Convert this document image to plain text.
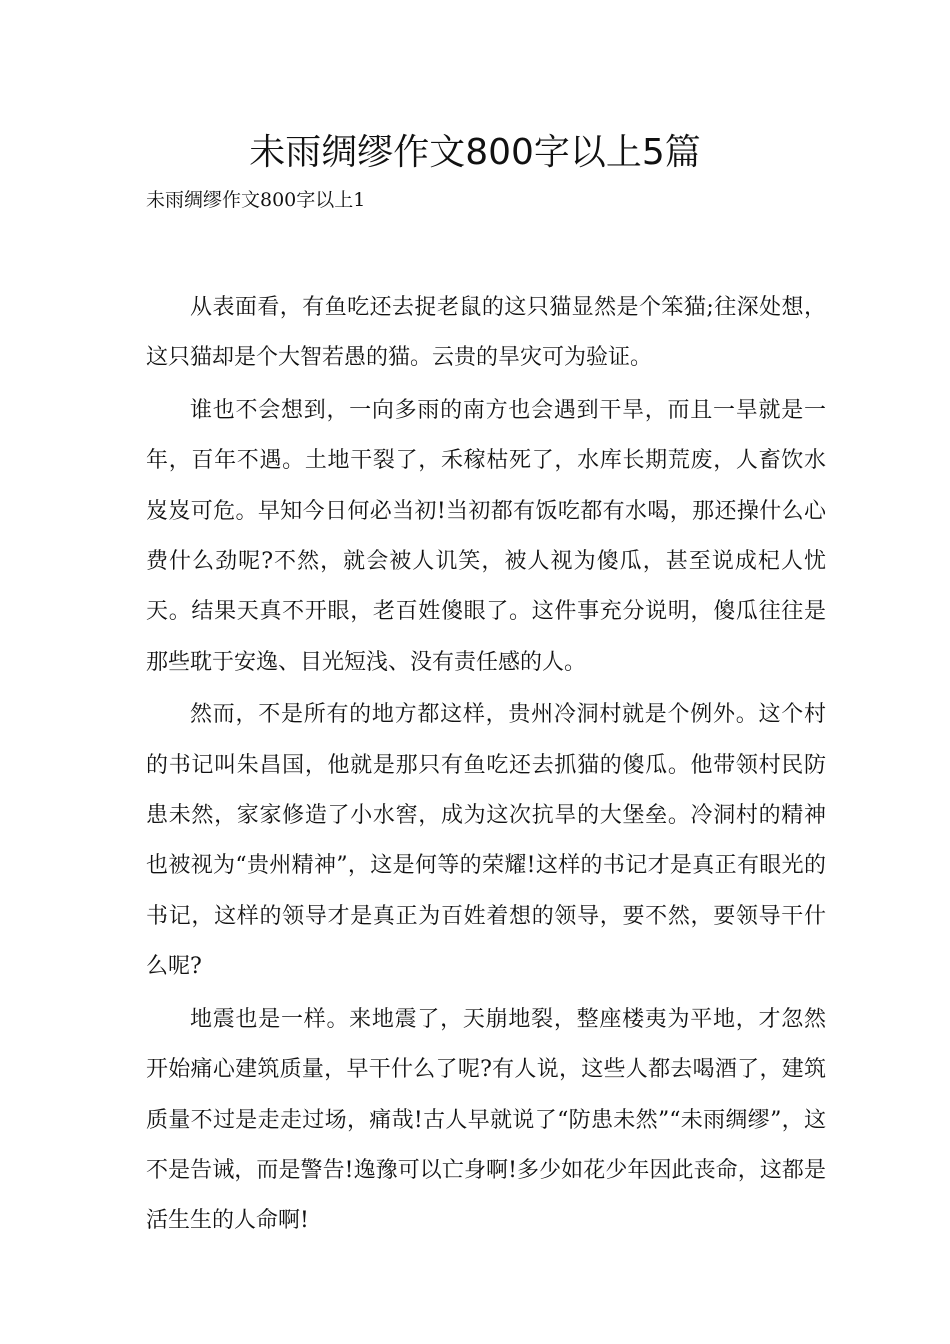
未雨绸缪作文800字以上5篇
未雨绸缪作文800字以上1

从表面看，有鱼吃还去捉老鼠的这只猫显然是个笨猫;往深处想，这只猫却是个大智若愚的猫。云贵的旱灾可为验证。

谁也不会想到，一向多雨的南方也会遇到干旱，而且一旱就是一年，百年不遇。土地干裂了，禾稼枯死了，水库长期荒废，人畜饮水岌岌可危。早知今日何必当初!当初都有饭吃都有水喝，那还操什么心费什么劲呢?不然，就会被人讥笑，被人视为傻瓜，甚至说成杞人忧天。结果天真不开眼，老百姓傻眼了。这件事充分说明，傻瓜往往是那些耽于安逸、目光短浅、没有责任感的人。

然而，不是所有的地方都这样，贵州冷洞村就是个例外。这个村的书记叫朱昌国，他就是那只有鱼吃还去抓猫的傻瓜。他带领村民防患未然，家家修造了小水窖，成为这次抗旱的大堡垒。冷洞村的精神也被视为“贵州精神”，这是何等的荣耀!这样的书记才是真正有眼光的书记，这样的领导才是真正为百姓着想的领导，要不然，要领导干什么呢?

地震也是一样。来地震了，天崩地裂，整座楼夷为平地，才忽然开始痛心建筑质量，早干什么了呢?有人说，这些人都去喝酒了，建筑质量不过是走走过场，痛哉!古人早就说了“防患未然”“未雨绸缪”，这不是告诫，而是警告!逸豫可以亡身啊!多少如花少年因此丧命，这都是活生生的人命啊!
